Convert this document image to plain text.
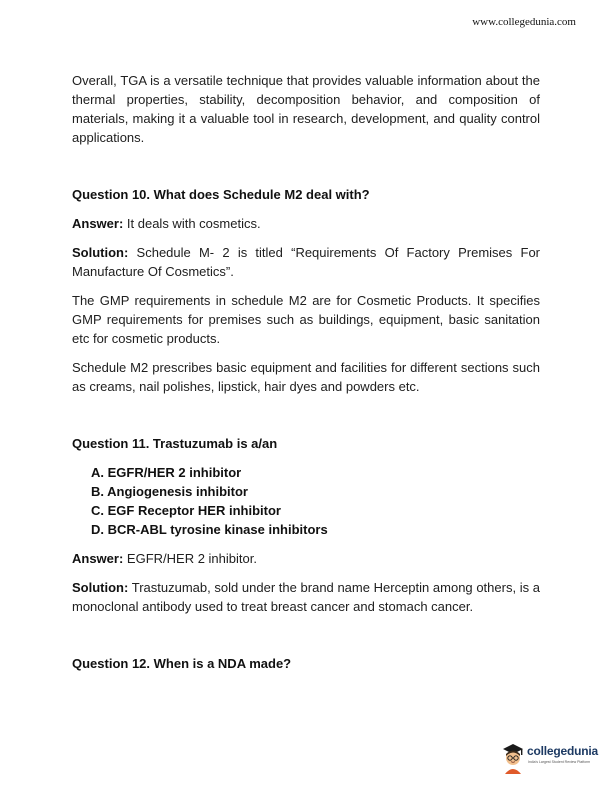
www.collegedunia.com

Overall, TGA is a versatile technique that provides valuable information about the thermal properties, stability, decomposition behavior, and composition of materials, making it a valuable tool in research, development, and quality control applications.

Question 10. What does Schedule M2 deal with?

Answer: It deals with cosmetics.

Solution: Schedule M- 2 is titled “Requirements Of Factory Premises For Manufacture Of Cosmetics”.

The GMP requirements in schedule M2 are for Cosmetic Products. It specifies GMP requirements for premises such as buildings, equipment, basic sanitation etc for cosmetic products.

Schedule M2 prescribes basic equipment and facilities for different sections such as creams, nail polishes, lipstick, hair dyes and powders etc.

Question 11. Trastuzumab is a/an
A. EGFR/HER 2 inhibitor
B. Angiogenesis inhibitor
C. EGF Receptor HER inhibitor
D. BCR-ABL tyrosine kinase inhibitors

Answer: EGFR/HER 2 inhibitor.

Solution: Trastuzumab, sold under the brand name Herceptin among others, is a monoclonal antibody used to treat breast cancer and stomach cancer.

Question 12. When is a NDA made?
collegedunia
India's Largest Student Review Platform
